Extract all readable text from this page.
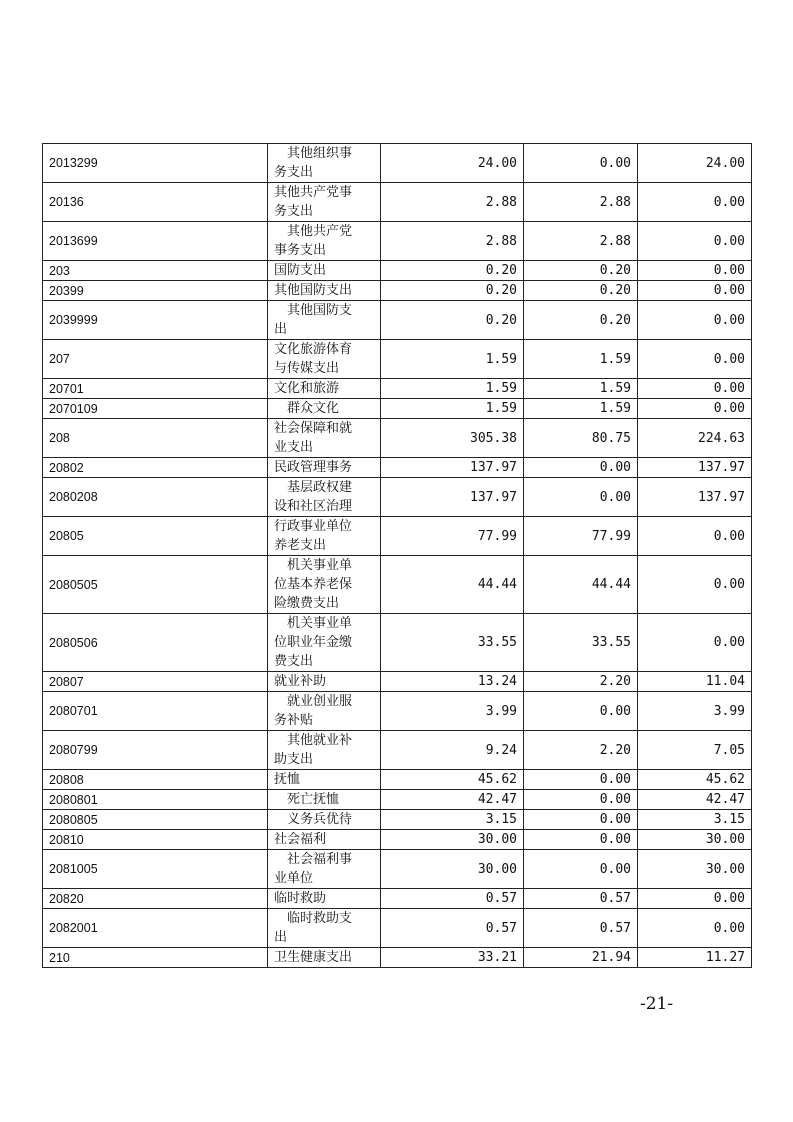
2013299	其他组织事务支出	24.00	0.00	24.00
20136	其他共产党事务支出	2.88	2.88	0.00
2013699	其他共产党事务支出	2.88	2.88	0.00
203	国防支出	0.20	0.20	0.00
20399	其他国防支出	0.20	0.20	0.00
2039999	其他国防支出	0.20	0.20	0.00
207	文化旅游体育与传媒支出	1.59	1.59	0.00
20701	文化和旅游	1.59	1.59	0.00
2070109	群众文化	1.59	1.59	0.00
208	社会保障和就业支出	305.38	80.75	224.63
20802	民政管理事务	137.97	0.00	137.97
2080208	基层政权建设和社区治理	137.97	0.00	137.97
20805	行政事业单位养老支出	77.99	77.99	0.00
2080505	机关事业单位基本养老保险缴费支出	44.44	44.44	0.00
2080506	机关事业单位职业年金缴费支出	33.55	33.55	0.00
20807	就业补助	13.24	2.20	11.04
2080701	就业创业服务补贴	3.99	0.00	3.99
2080799	其他就业补助支出	9.24	2.20	7.05
20808	抚恤	45.62	0.00	45.62
2080801	死亡抚恤	42.47	0.00	42.47
2080805	义务兵优待	3.15	0.00	3.15
20810	社会福利	30.00	0.00	30.00
2081005	社会福利事业单位	30.00	0.00	30.00
20820	临时救助	0.57	0.57	0.00
2082001	临时救助支出	0.57	0.57	0.00
210	卫生健康支出	33.21	21.94	11.27
-21-
